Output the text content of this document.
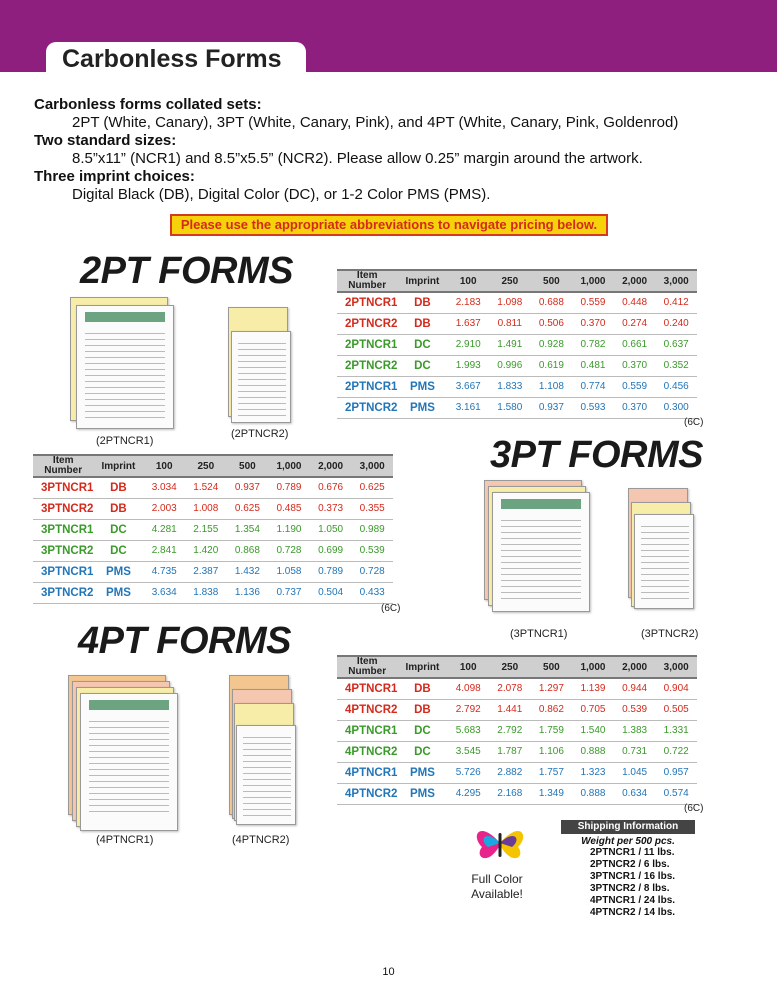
Carbonless Forms
Carbonless forms collated sets:
2PT (White, Canary), 3PT (White, Canary, Pink), and 4PT (White, Canary, Pink, Goldenrod)
Two standard sizes:
8.5”x11” (NCR1) and 8.5”x5.5” (NCR2). Please allow 0.25” margin around the artwork.
Three imprint choices:
Digital Black (DB), Digital Color (DC), or 1-2 Color PMS (PMS).
Please use the appropriate abbreviations to navigate pricing below.
2PT FORMS
(2PTNCR1)
(2PTNCR2)
Item Number	Imprint	100	250	500	1,000	2,000	3,000
2PTNCR1	DB	2.183	1.098	0.688	0.559	0.448	0.412
2PTNCR2	DB	1.637	0.811	0.506	0.370	0.274	0.240
2PTNCR1	DC	2.910	1.491	0.928	0.782	0.661	0.637
2PTNCR2	DC	1.993	0.996	0.619	0.481	0.370	0.352
2PTNCR1	PMS	3.667	1.833	1.108	0.774	0.559	0.456
2PTNCR2	PMS	3.161	1.580	0.937	0.593	0.370	0.300
(6C)
3PT FORMS
Item Number	Imprint	100	250	500	1,000	2,000	3,000
3PTNCR1	DB	3.034	1.524	0.937	0.789	0.676	0.625
3PTNCR2	DB	2.003	1.008	0.625	0.485	0.373	0.355
3PTNCR1	DC	4.281	2.155	1.354	1.190	1.050	0.989
3PTNCR2	DC	2.841	1.420	0.868	0.728	0.699	0.539
3PTNCR1	PMS	4.735	2.387	1.432	1.058	0.789	0.728
3PTNCR2	PMS	3.634	1.838	1.136	0.737	0.504	0.433
(6C)
(3PTNCR1)	(3PTNCR2)
4PT FORMS
(4PTNCR1)	(4PTNCR2)
Item Number	Imprint	100	250	500	1,000	2,000	3,000
4PTNCR1	DB	4.098	2.078	1.297	1.139	0.944	0.904
4PTNCR2	DB	2.792	1.441	0.862	0.705	0.539	0.505
4PTNCR1	DC	5.683	2.792	1.759	1.540	1.383	1.331
4PTNCR2	DC	3.545	1.787	1.106	0.888	0.731	0.722
4PTNCR1	PMS	5.726	2.882	1.757	1.323	1.045	0.957
4PTNCR2	PMS	4.295	2.168	1.349	0.888	0.634	0.574
(6C)
Full Color
Available!
Shipping Information
Weight per 500 pcs.
2PTNCR1 / 11 lbs.
2PTNCR2 / 6 lbs.
3PTNCR1 / 16 lbs.
3PTNCR2 / 8 lbs.
4PTNCR1 / 24 lbs.
4PTNCR2 / 14 lbs.
10
